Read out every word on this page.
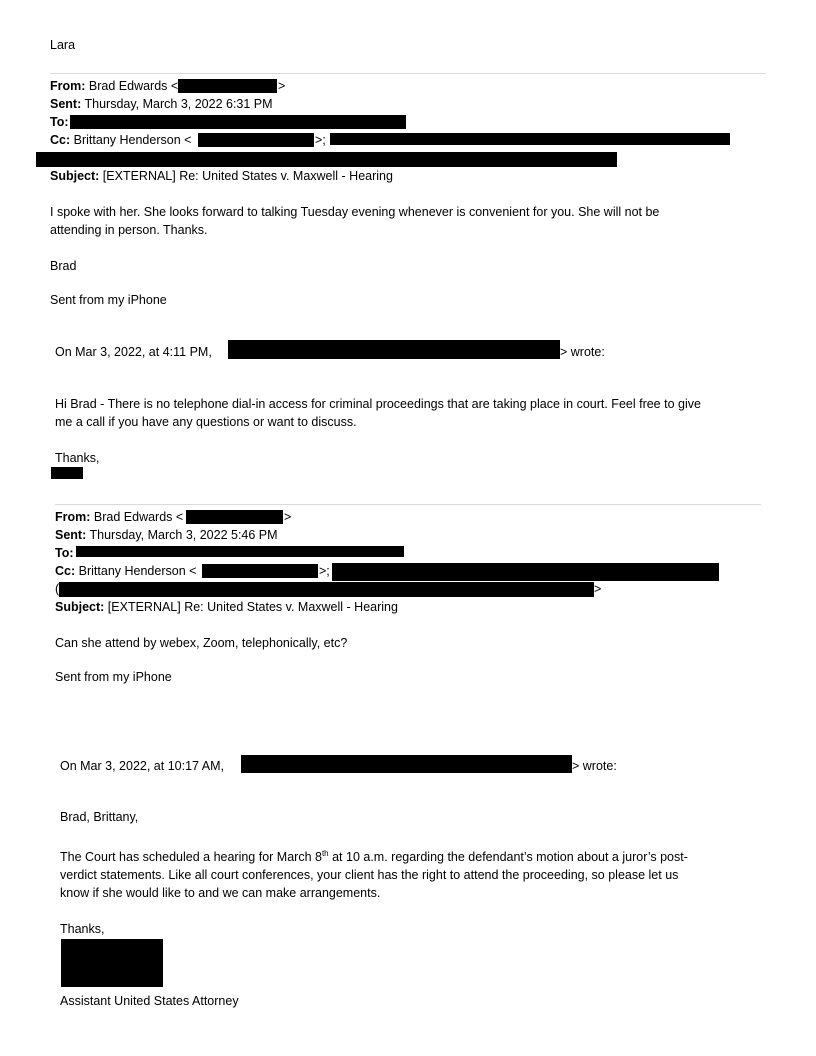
Lara
From: Brad Edwards <	>
Sent: Thursday, March 3, 2022 6:31 PM
To:
Cc: Brittany Henderson <	>;
Subject: [EXTERNAL] Re: United States v. Maxwell - Hearing
I spoke with her. She looks forward to talking Tuesday evening whenever is convenient for you. She will not be
attending in person. Thanks.
Brad
Sent from my iPhone
On Mar 3, 2022, at 4:11 PM,	> wrote:
Hi Brad - There is no telephone dial-in access for criminal proceedings that are taking place in court. Feel free to give
me a call if you have any questions or want to discuss.
Thanks,
From: Brad Edwards <	>
Sent: Thursday, March 3, 2022 5:46 PM
To:
Cc: Brittany Henderson <	>;
(	>
Subject: [EXTERNAL] Re: United States v. Maxwell - Hearing
Can she attend by webex, Zoom, telephonically, etc?
Sent from my iPhone
On Mar 3, 2022, at 10:17 AM,	> wrote:
Brad, Brittany,
The Court has scheduled a hearing for March 8th at 10 a.m. regarding the defendant’s motion about a juror’s post-
verdict statements. Like all court conferences, your client has the right to attend the proceeding, so please let us
know if she would like to and we can make arrangements.
Thanks,
Assistant United States Attorney
